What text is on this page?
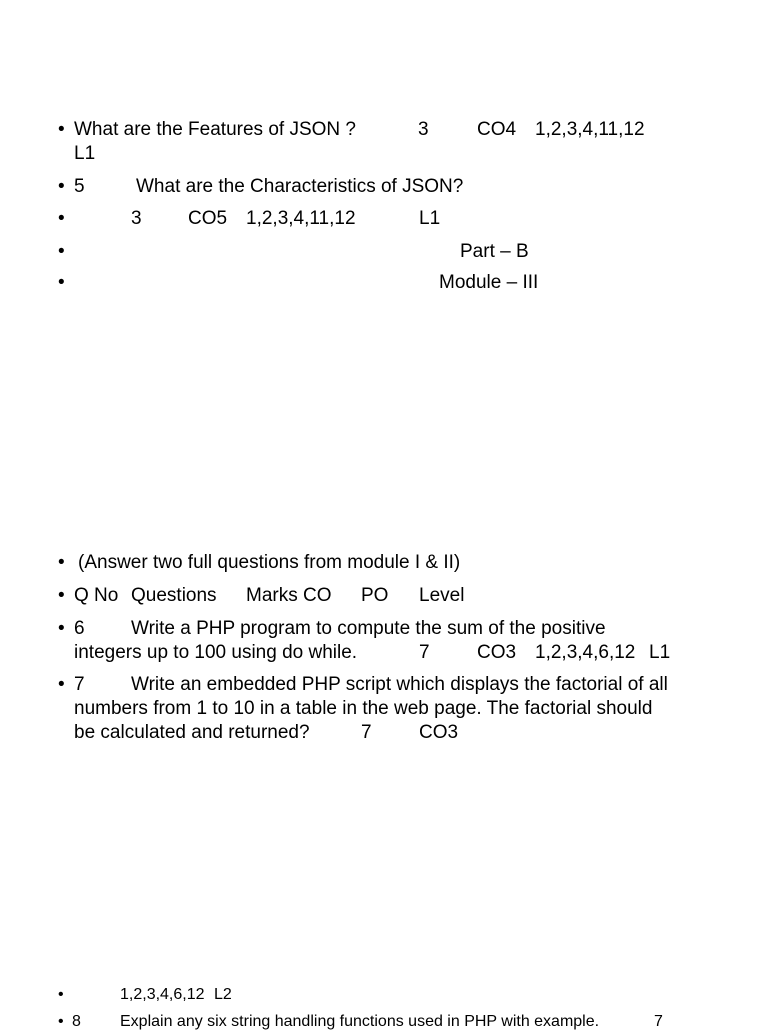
• What are the Features of JSON ?	3	CO4 1,2,3,4,11,12
L1
• 5	What are the Characteristics of JSON?
•	3 CO5 1,2,3,4,11,12	L1
•	Part – B
•	Module – III
• (Answer two full questions from module I & II)
• Q No Questions Marks CO PO Level
• 6 Write a PHP program to compute the sum of the positive
integers up to 100 using do while.	7 CO3 1,2,3,4,6,12 L1
• 7 Write an embedded PHP script which displays the factorial of all
numbers from 1 to 10 in a table in the web page. The factorial should
be calculated and returned?	7 CO3
•	1,2,3,4,6,12 L2
• 8 Explain any six string handling functions used in PHP with example.	7
